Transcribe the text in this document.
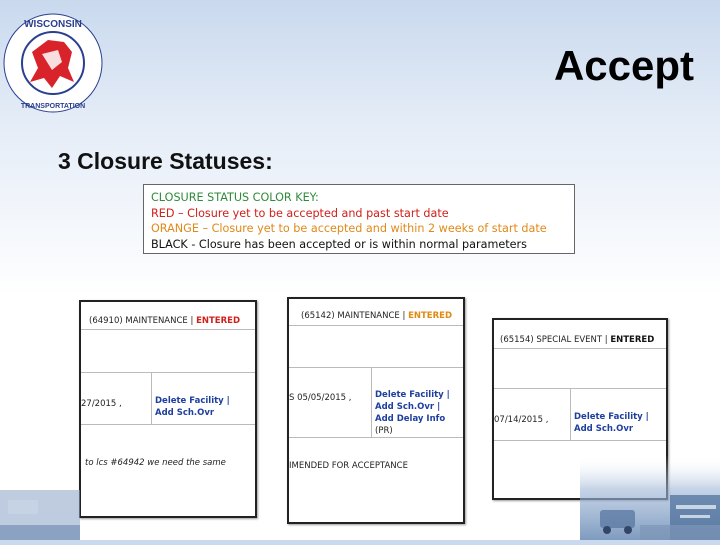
WISCONSIN
TRANSPORTATION
Accept
3 Closure Statuses:
CLOSURE STATUS COLOR KEY:
RED – Closure yet to be accepted and past start date
ORANGE – Closure yet to be accepted and within 2 weeks of start date
BLACK - Closure has been accepted or is within normal parameters
(64910) MAINTENANCE | ENTERED
27/2015 ,	Delete Facility |
Add Sch.Ovr
to lcs #64942 we need the same
(65142) MAINTENANCE | ENTERED
S 05/05/2015 ,	Delete Facility |
Add Sch.Ovr |
Add Delay Info
(PR)
IMENDED FOR ACCEPTANCE
(65154) SPECIAL EVENT | ENTERED
07/14/2015 ,	Delete Facility |
Add Sch.Ovr
